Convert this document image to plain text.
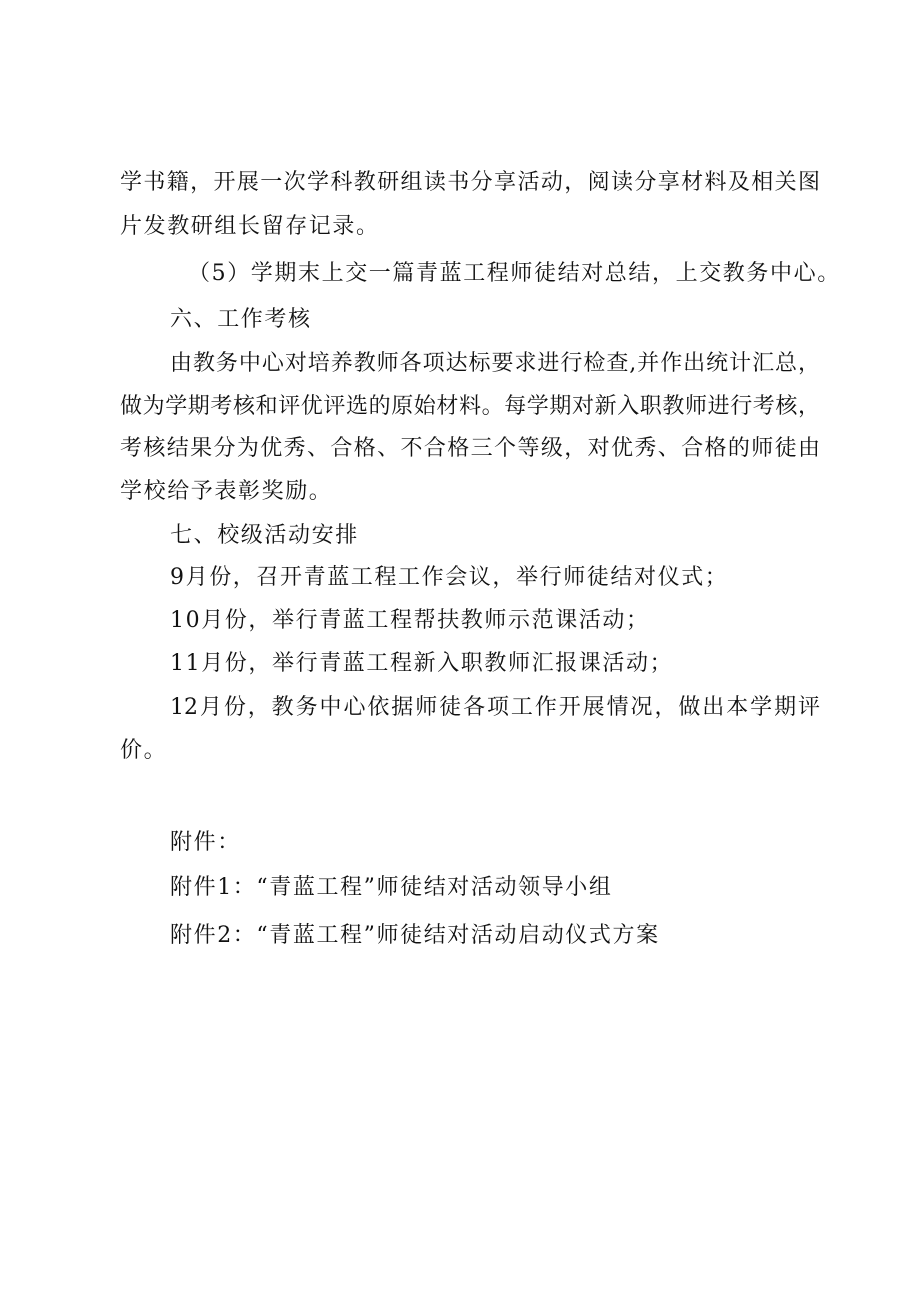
学书籍，开展一次学科教研组读书分享活动，阅读分享材料及相关图
片发教研组长留存记录。
（5）学期末上交一篇青蓝工程师徒结对总结，上交教务中心。
六、工作考核
由教务中心对培养教师各项达标要求进行检查,并作出统计汇总，
做为学期考核和评优评选的原始材料。每学期对新入职教师进行考核，
考核结果分为优秀、合格、不合格三个等级，对优秀、合格的师徒由
学校给予表彰奖励。
七、校级活动安排
9月份，召开青蓝工程工作会议，举行师徒结对仪式；
10月份，举行青蓝工程帮扶教师示范课活动；
11月份，举行青蓝工程新入职教师汇报课活动；
12月份，教务中心依据师徒各项工作开展情况，做出本学期评
价。
附件：
附件1：“青蓝工程”师徒结对活动领导小组
附件2：“青蓝工程”师徒结对活动启动仪式方案
